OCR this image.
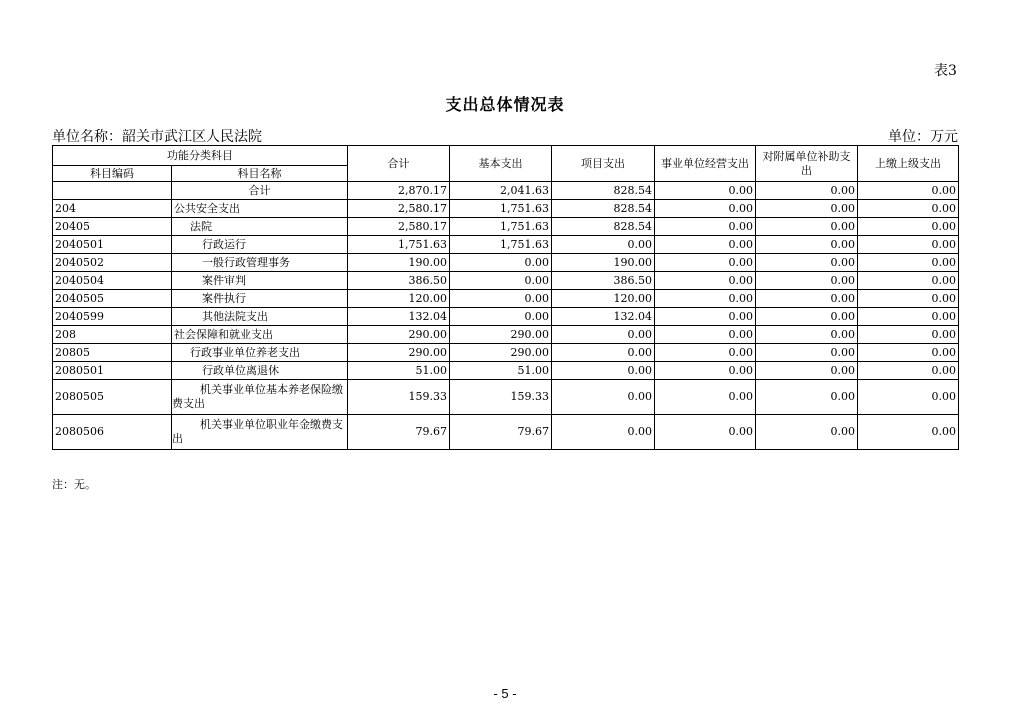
表3
支出总体情况表
单位名称：韶关市武江区人民法院	单位：万元
功能分类科目		合计	基本支出	项目支出	事业单位经营支出	对附属单位补助支出	上缴上级支出
科目编码	科目名称						
	合计	2,870.17	2,041.63	828.54	0.00	0.00	0.00
204	公共安全支出	2,580.17	1,751.63	828.54	0.00	0.00	0.00
20405	法院	2,580.17	1,751.63	828.54	0.00	0.00	0.00
2040501	行政运行	1,751.63	1,751.63	0.00	0.00	0.00	0.00
2040502	一般行政管理事务	190.00	0.00	190.00	0.00	0.00	0.00
2040504	案件审判	386.50	0.00	386.50	0.00	0.00	0.00
2040505	案件执行	120.00	0.00	120.00	0.00	0.00	0.00
2040599	其他法院支出	132.04	0.00	132.04	0.00	0.00	0.00
208	社会保障和就业支出	290.00	290.00	0.00	0.00	0.00	0.00
20805	行政事业单位养老支出	290.00	290.00	0.00	0.00	0.00	0.00
2080501	行政单位离退休	51.00	51.00	0.00	0.00	0.00	0.00
2080505	机关事业单位基本养老保险缴费支出	159.33	159.33	0.00	0.00	0.00	0.00
2080506	机关事业单位职业年金缴费支出	79.67	79.67	0.00	0.00	0.00	0.00
注：无。
- 5 -
